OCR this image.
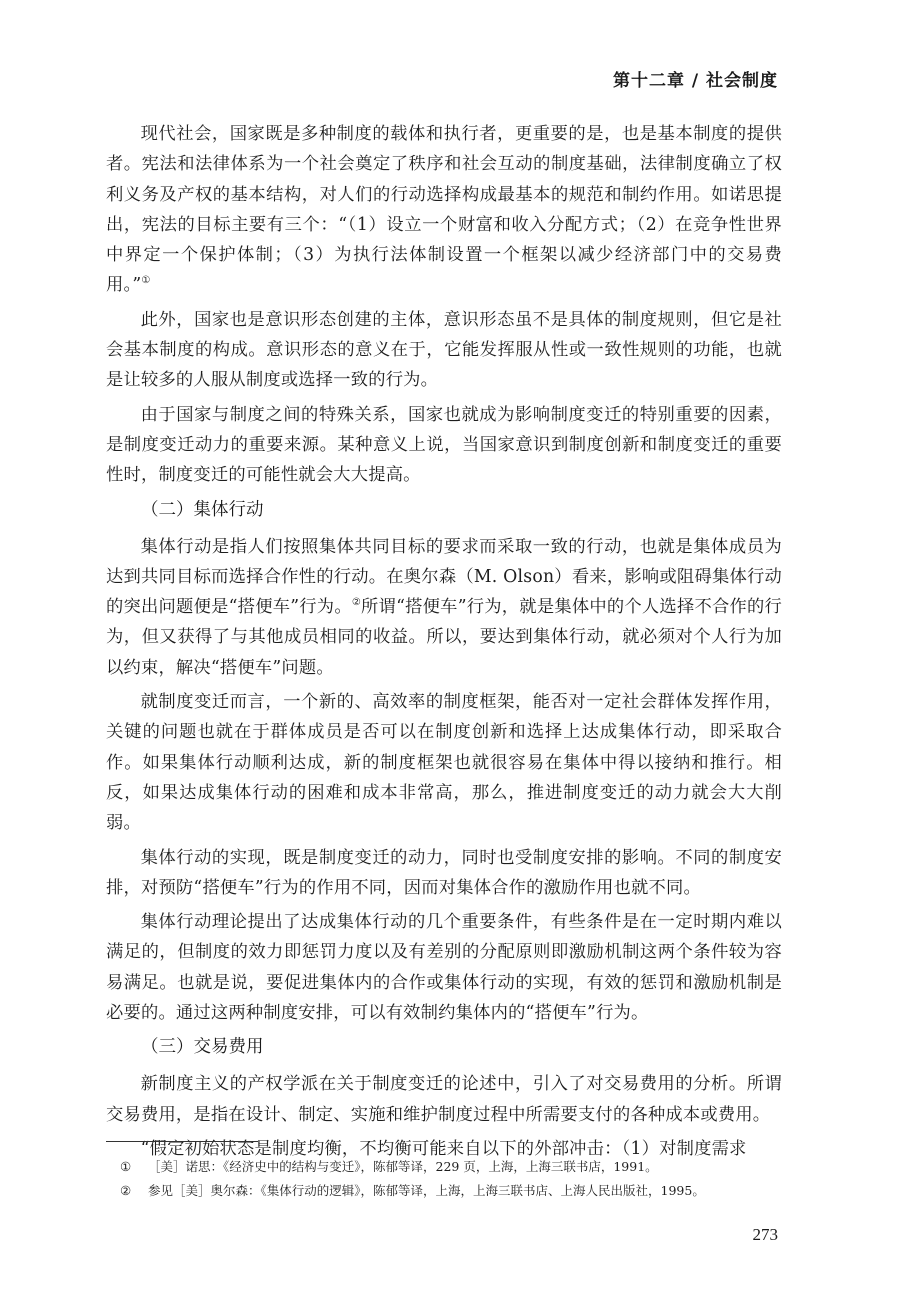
第十二章 / 社会制度

现代社会，国家既是多种制度的载体和执行者，更重要的是，也是基本制度的提供者。宪法和法律体系为一个社会奠定了秩序和社会互动的制度基础，法律制度确立了权利义务及产权的基本结构，对人们的行动选择构成最基本的规范和制约作用。如诺思提出，宪法的目标主要有三个：“（1）设立一个财富和收入分配方式；（2）在竞争性世界中界定一个保护体制；（3）为执行法体制设置一个框架以减少经济部门中的交易费用。”①

此外，国家也是意识形态创建的主体，意识形态虽不是具体的制度规则，但它是社会基本制度的构成。意识形态的意义在于，它能发挥服从性或一致性规则的功能，也就是让较多的人服从制度或选择一致的行为。

由于国家与制度之间的特殊关系，国家也就成为影响制度变迁的特别重要的因素，是制度变迁动力的重要来源。某种意义上说，当国家意识到制度创新和制度变迁的重要性时，制度变迁的可能性就会大大提高。

（二）集体行动

集体行动是指人们按照集体共同目标的要求而采取一致的行动，也就是集体成员为达到共同目标而选择合作性的行动。在奥尔森（M. Olson）看来，影响或阻碍集体行动的突出问题便是“搭便车”行为。②所谓“搭便车”行为，就是集体中的个人选择不合作的行为，但又获得了与其他成员相同的收益。所以，要达到集体行动，就必须对个人行为加以约束，解决“搭便车”问题。

就制度变迁而言，一个新的、高效率的制度框架，能否对一定社会群体发挥作用，关键的问题也就在于群体成员是否可以在制度创新和选择上达成集体行动，即采取合作。如果集体行动顺利达成，新的制度框架也就很容易在集体中得以接纳和推行。相反，如果达成集体行动的困难和成本非常高，那么，推进制度变迁的动力就会大大削弱。

集体行动的实现，既是制度变迁的动力，同时也受制度安排的影响。不同的制度安排，对预防“搭便车”行为的作用不同，因而对集体合作的激励作用也就不同。

集体行动理论提出了达成集体行动的几个重要条件，有些条件是在一定时期内难以满足的，但制度的效力即惩罚力度以及有差别的分配原则即激励机制这两个条件较为容易满足。也就是说，要促进集体内的合作或集体行动的实现，有效的惩罚和激励机制是必要的。通过这两种制度安排，可以有效制约集体内的“搭便车”行为。

（三）交易费用

新制度主义的产权学派在关于制度变迁的论述中，引入了对交易费用的分析。所谓交易费用，是指在设计、制定、实施和维护制度过程中所需要支付的各种成本或费用。

“假定初始状态是制度均衡，不均衡可能来自以下的外部冲击：（1）对制度需求

① ［美］诺思：《经济史中的结构与变迁》，陈郁等译，229 页，上海，上海三联书店，1991。
② 参见［美］奥尔森：《集体行动的逻辑》，陈郁等译，上海，上海三联书店、上海人民出版社，1995。
273
